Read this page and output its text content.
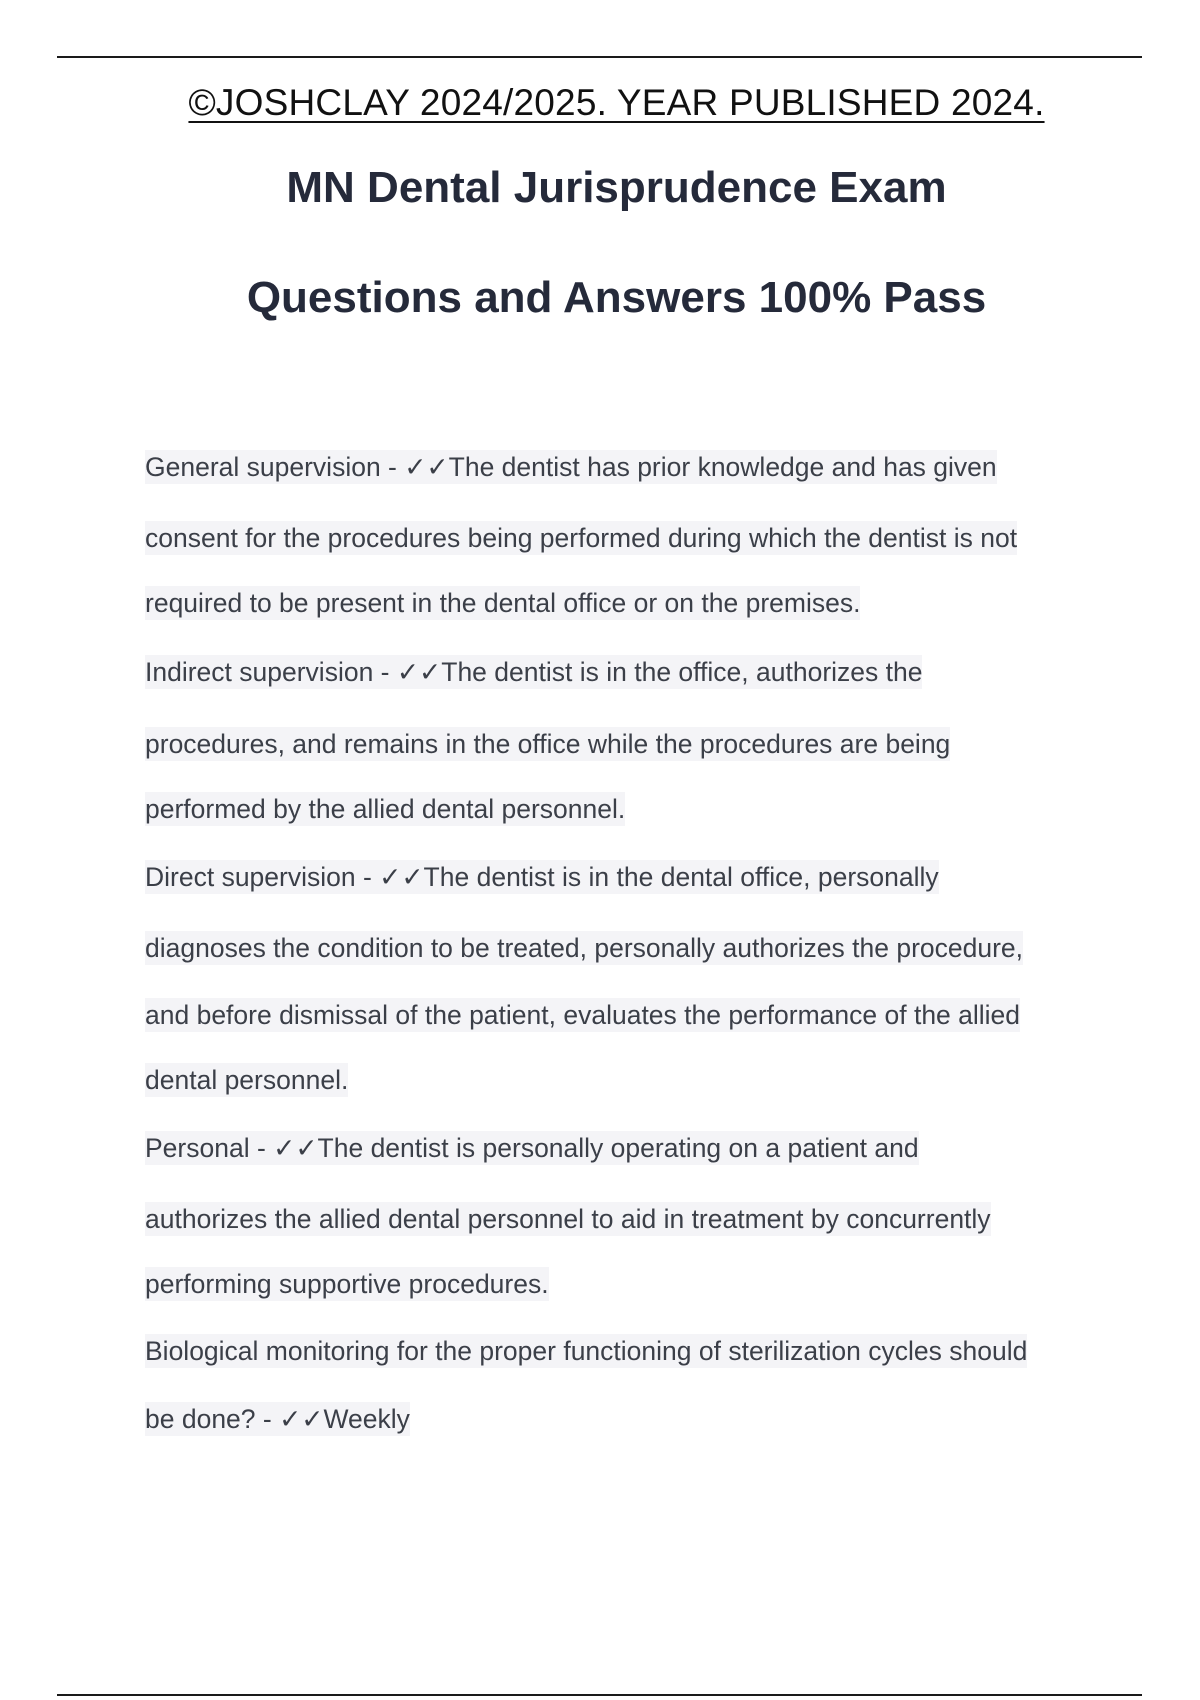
©JOSHCLAY 2024/2025. YEAR PUBLISHED 2024.
MN Dental Jurisprudence Exam
Questions and Answers 100% Pass
General supervision - ✓✓The dentist has prior knowledge and has given
consent for the procedures being performed during which the dentist is not
required to be present in the dental office or on the premises.
Indirect supervision - ✓✓The dentist is in the office, authorizes the
procedures, and remains in the office while the procedures are being
performed by the allied dental personnel.
Direct supervision - ✓✓The dentist is in the dental office, personally
diagnoses the condition to be treated, personally authorizes the procedure,
and before dismissal of the patient, evaluates the performance of the allied
dental personnel.
Personal - ✓✓The dentist is personally operating on a patient and
authorizes the allied dental personnel to aid in treatment by concurrently
performing supportive procedures.
Biological monitoring for the proper functioning of sterilization cycles should
be done? - ✓✓Weekly
